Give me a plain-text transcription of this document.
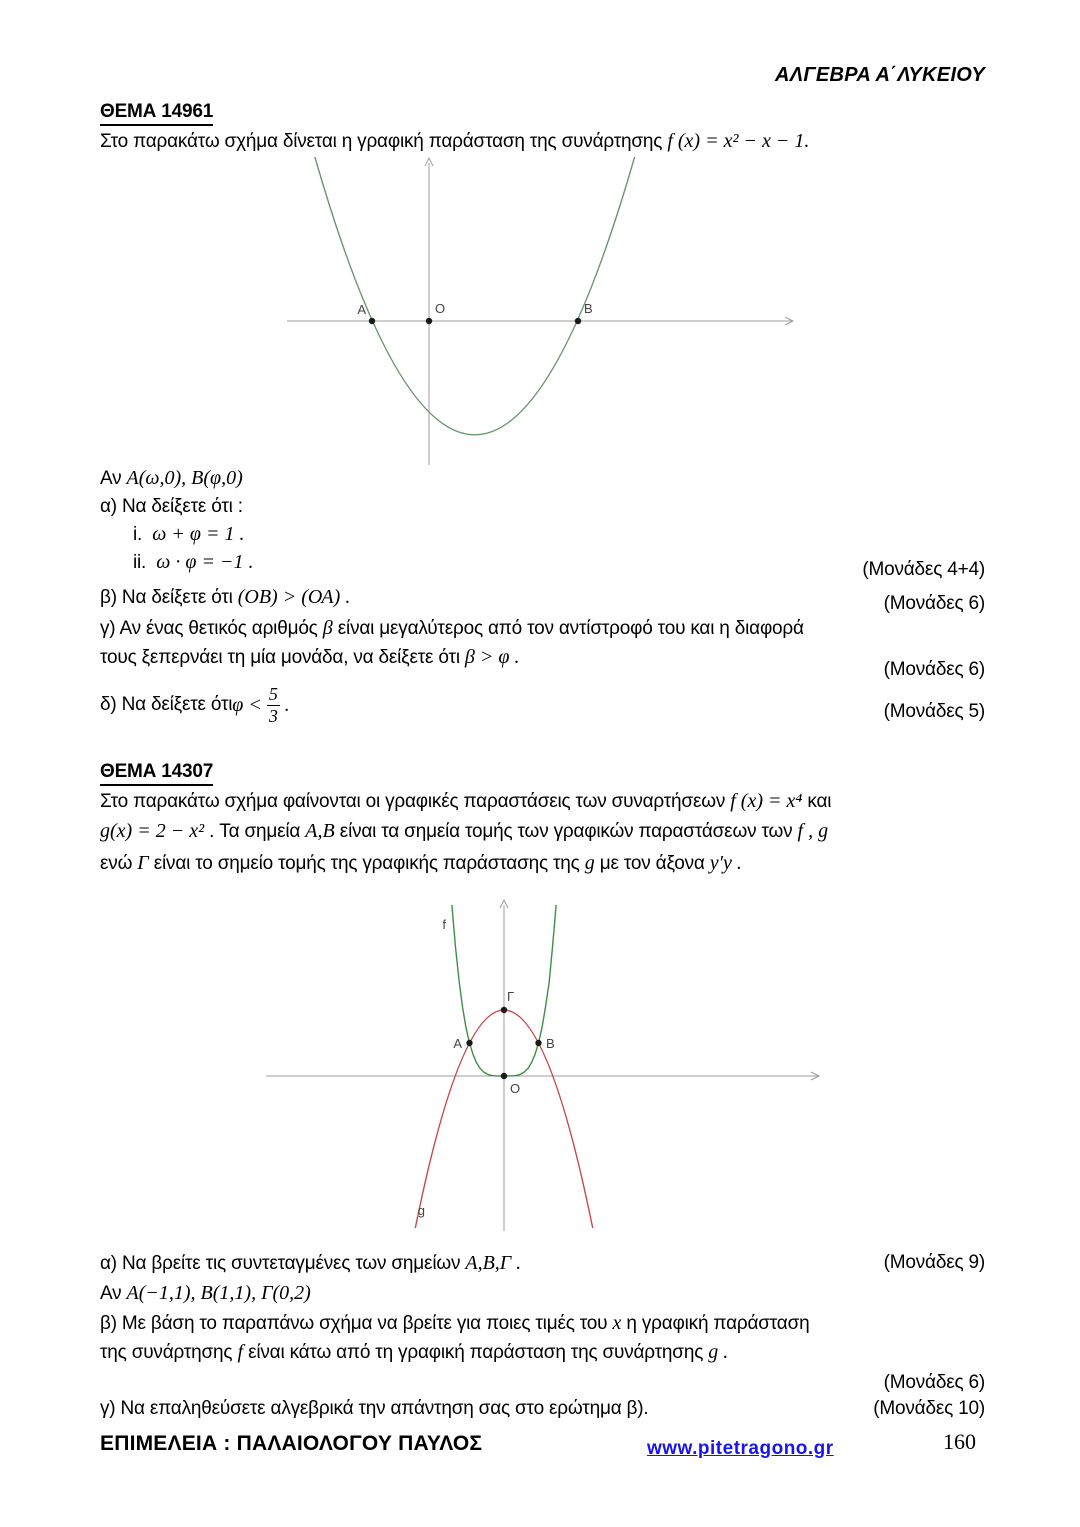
ΑΛΓΕΒΡΑ Α΄ΛΥΚΕΙΟΥ
ΘΕΜΑ 14961
Στο παρακάτω σχήμα δίνεται η γραφική παράσταση της συνάρτησης f (x) = x² − x − 1.
A	O	B
Αν Α(ω,0), Β(φ,0)
α) Να δείξετε ότι :
i.  ω + φ = 1 .
ii.  ω · φ = −1 .	(Μονάδες 4+4)
β) Να δείξετε ότι (ΟΒ) > (ΟΑ) .	(Μονάδες 6)
γ) Αν ένας θετικός αριθμός β είναι μεγαλύτερος από τον αντίστροφό του και η διαφορά
τους ξεπερνάει τη μία μονάδα, να δείξετε ότι β > φ .
(Μονάδες 6)
δ) Να δείξετε ότι $\varphi < \frac{5}{3}$ .	(Μονάδες 5)
ΘΕΜΑ 14307
Στο παρακάτω σχήμα φαίνονται οι γραφικές παραστάσεις των συναρτήσεων f (x) = x⁴ και
g(x) = 2 − x² . Τα σημεία Α,Β είναι τα σημεία τομής των γραφικών παραστάσεων των f , g
ενώ Γ είναι το σημείο τομής της γραφικής παράστασης της g με τον άξονα y′y .
A	B
Γ
O
f
g
α) Να βρείτε τις συντεταγμένες των σημείων Α,Β,Γ .	(Μονάδες 9)
Αν Α(−1,1), Β(1,1), Γ(0,2)
β) Με βάση το παραπάνω σχήμα να βρείτε για ποιες τιμές του x η γραφική παράσταση
της συνάρτησης f είναι κάτω από τη γραφική παράσταση της συνάρτησης g .
(Μονάδες 6)
γ) Να επαληθεύσετε αλγεβρικά την απάντηση σας στο ερώτημα β).	(Μονάδες 10)
ΕΠΙΜΕΛΕΙΑ : ΠΑΛΑΙΟΛΟΓΟΥ ΠΑΥΛΟΣ	www.pitetragono.gr	160
